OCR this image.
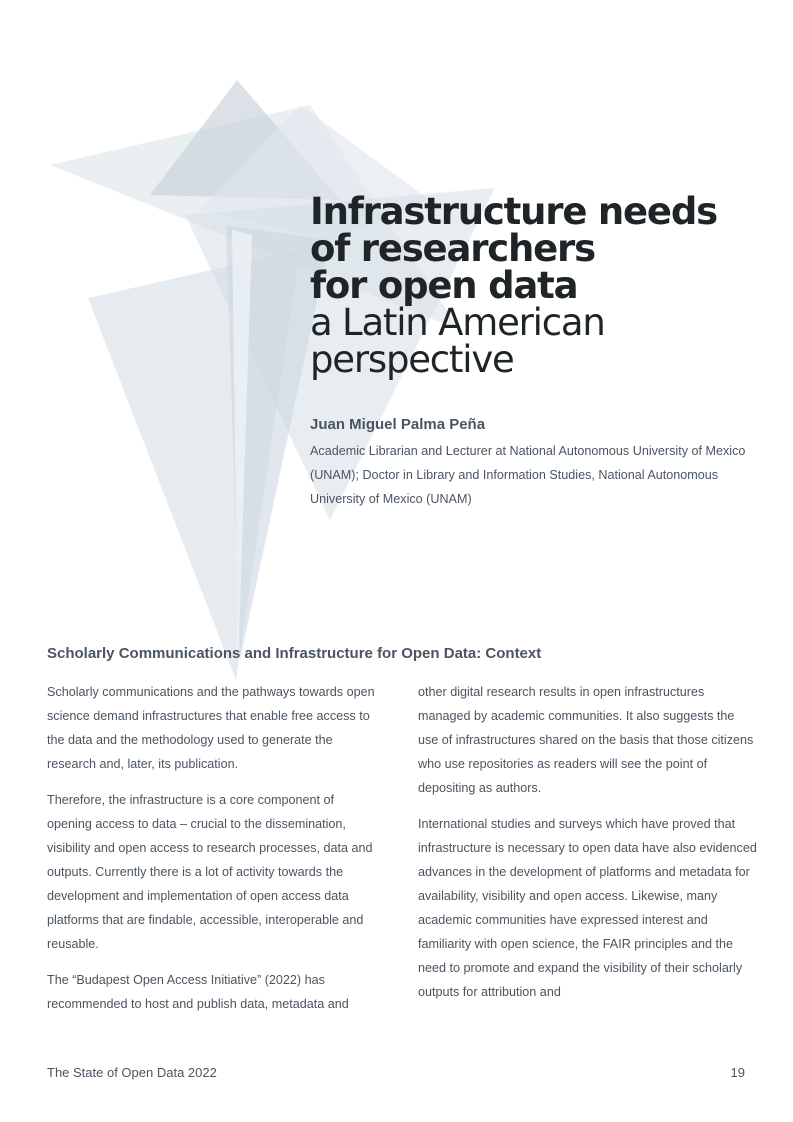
Infrastructure needs
of researchers
for open data
a Latin American
perspective

Juan Miguel Palma Peña

Academic Librarian and Lecturer at National Autonomous University of Mexico (UNAM); Doctor in Library and Information Studies, National Autonomous University of Mexico (UNAM)

Scholarly Communications and Infrastructure for Open Data: Context

Scholarly communications and the pathways towards open science demand infrastructures that enable free access to the data and the methodology used to generate the research and, later, its publication.

Therefore, the infrastructure is a core component of opening access to data – crucial to the dissemination, visibility and open access to research processes, data and outputs. Currently there is a lot of activity towards the development and implementation of open access data platforms that are findable, accessible, interoperable and reusable.

The “Budapest Open Access Initiative” (2022) has recommended to host and publish data, metadata and

other digital research results in open infrastructures managed by academic communities. It also suggests the use of infrastructures shared on the basis that those citizens who use repositories as readers will see the point of depositing as authors.

International studies and surveys which have proved that infrastructure is necessary to open data have also evidenced advances in the development of platforms and metadata for availability, visibility and open access. Likewise, many academic communities have expressed interest and familiarity with open science, the FAIR principles and the need to promote and expand the visibility of their scholarly outputs for attribution and

The State of Open Data 2022	19
